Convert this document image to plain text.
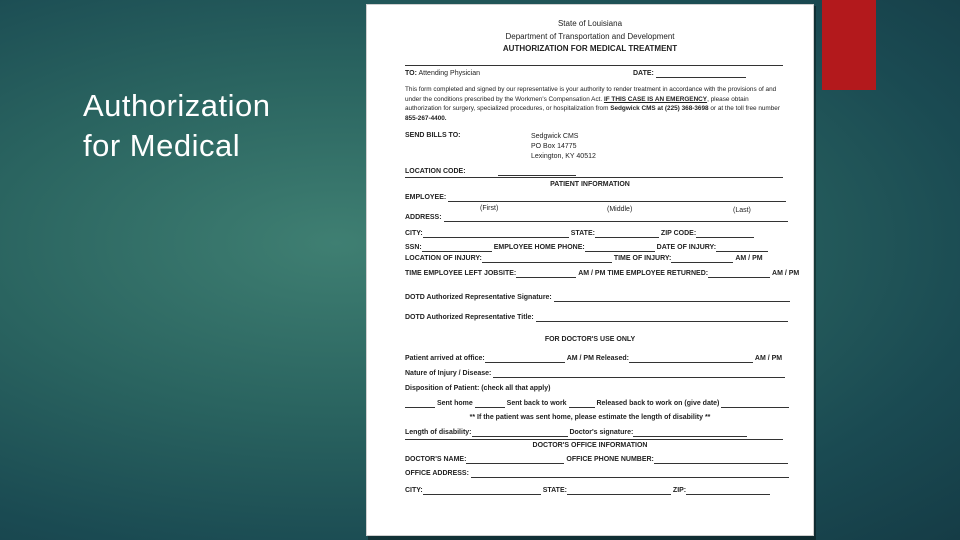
Authorization
for Medical
State of Louisiana
Department of Transportation and Development
AUTHORIZATION FOR MEDICAL TREATMENT
TO: Attending Physician	DATE:
This form completed and signed by our representative is your authority to render treatment in accordance with the provisions of and under the conditions prescribed by the Workmen's Compensation Act. IF THIS CASE IS AN EMERGENCY, please obtain authorization for surgery, specialized procedures, or hospitalization from Sedgwick CMS at (225) 368-3698 or at the toll free number 855-267-4400.
SEND BILLS TO:	Sedgwick CMS
PO Box 14775
Lexington, KY 40512
LOCATION CODE:
PATIENT INFORMATION
EMPLOYEE:
(First)	(Middle)	(Last)
ADDRESS:
CITY:	STATE:	ZIP CODE:
SSN:	EMPLOYEE HOME PHONE:	DATE OF INJURY:
LOCATION OF INJURY:	TIME OF INJURY:	AM / PM
TIME EMPLOYEE LEFT JOBSITE:	AM / PM TIME EMPLOYEE RETURNED:	AM / PM
DOTD Authorized Representative Signature:
DOTD Authorized Representative Title:
FOR DOCTOR'S USE ONLY
Patient arrived at office:	AM / PM Released:	AM / PM
Nature of Injury / Disease:
Disposition of Patient: (check all that apply)
Sent home	Sent back to work	Released back to work on (give date)
** If the patient was sent home, please estimate the length of disability **
Length of disability:	Doctor's signature:
DOCTOR'S OFFICE INFORMATION
DOCTOR'S NAME:	OFFICE PHONE NUMBER:
OFFICE ADDRESS:
CITY:	STATE:	ZIP:
